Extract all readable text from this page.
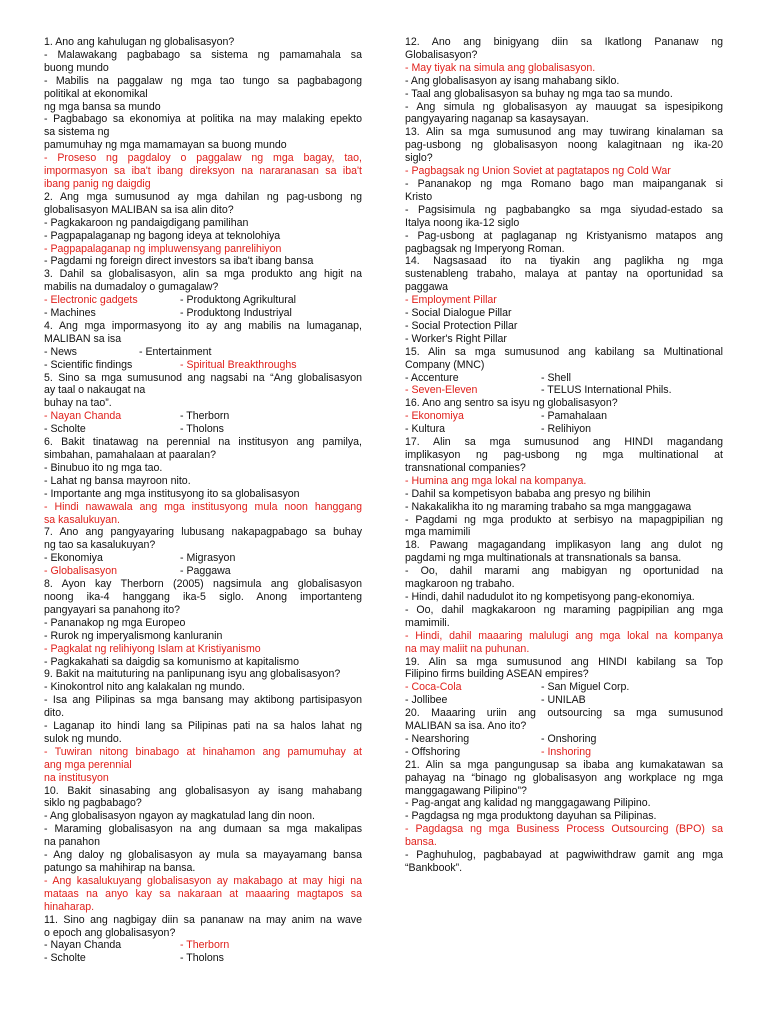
1. Ano ang kahulugan ng globalisasyon?
- Malawakang pagbabago sa sistema ng pamamahala sa
buong mundo
- Mabilis na paggalaw ng mga tao tungo sa pagbabagong
politikal at ekonomikal
ng mga bansa sa mundo
- Pagbabago sa ekonomiya at politika na may malaking epekto
sa sistema ng
pamumuhay ng mga mamamayan sa buong mundo
- Proseso ng pagdaloy o paggalaw ng mga bagay, tao,
impormasyon sa iba't ibang direksyon na nararanasan sa iba't
ibang panig ng daigdig
2. Ang mga sumusunod ay mga dahilan ng pag-usbong ng
globalisasyon MALIBAN sa isa alin dito?
- Pagkakaroon ng pandaigdigang pamilihan
- Pagpapalaganap ng bagong ideya at teknolohiya
- Pagpapalaganap ng impluwensyang panrelihiyon
- Pagdami ng foreign direct investors sa iba't ibang bansa
3. Dahil sa globalisasyon, alin sa mga produkto ang higit na
mabilis na dumadaloy o gumagalaw?
- Electronic gadgets	- Produktong Agrikultural
- Machines	- Produktong Industriyal
4. Ang mga impormasyong ito ay ang mabilis na lumaganap,
MALIBAN sa isa
- News	- Entertainment
- Scientific findings	- Spiritual Breakthroughs
5. Sino sa mga sumusunod ang nagsabi na “Ang globalisasyon
ay taal o nakaugat na
buhay na tao”.
- Nayan Chanda	- Therborn
- Scholte	- Tholons
6. Bakit tinatawag na perennial na institusyon ang pamilya,
simbahan, pamahalaan at paaralan?
- Binubuo ito ng mga tao.
- Lahat ng bansa mayroon nito.
- Importante ang mga institusyong ito sa globalisasyon
- Hindi nawawala ang mga institusyong mula noon hanggang
sa kasalukuyan.
7. Ano ang pangyayaring lubusang nakapagpabago sa buhay
ng tao sa kasalukuyan?
- Ekonomiya	- Migrasyon
- Globalisasyon	- Paggawa
8. Ayon kay Therborn (2005) nagsimula ang globalisasyon
noong ika-4 hanggang ika-5 siglo. Anong importanteng
pangyayari sa panahong ito?
- Pananakop ng mga Europeo
- Rurok ng imperyalismong kanluranin
- Pagkalat ng relihiyong Islam at Kristiyanismo
- Pagkakahati sa daigdig sa komunismo at kapitalismo
9. Bakit na maituturing na panlipunang isyu ang globalisasyon?
- Kinokontrol nito ang kalakalan ng mundo.
- Isa ang Pilipinas sa mga bansang may aktibong partisipasyon
dito.
- Laganap ito hindi lang sa Pilipinas pati na sa halos lahat ng
sulok ng mundo.
- Tuwiran nitong binabago at hinahamon ang pamumuhay at
ang mga perennial
na institusyon
10. Bakit sinasabing ang globalisasyon ay isang mahabang
siklo ng pagbabago?
- Ang globalisasyon ngayon ay magkatulad lang din noon.
- Maraming globalisasyon na ang dumaan sa mga makalipas
na panahon
- Ang daloy ng globalisasyon ay mula sa mayayamang bansa
patungo sa mahihirap na bansa.
- Ang kasalukuyang globalisasyon ay makabago at may higi na
mataas na anyo kay sa nakaraan at maaaring magtapos sa
hinaharap.
11. Sino ang nagbigay diin sa pananaw na may anim na wave
o epoch ang globalisasyon?
- Nayan Chanda	- Therborn
- Scholte	- Tholons
12. Ano ang binigyang diin sa Ikatlong Pananaw ng
Globalisasyon?
- May tiyak na simula ang globalisasyon.
- Ang globalisasyon ay isang mahabang siklo.
- Taal ang globalisasyon sa buhay ng mga tao sa mundo.
- Ang simula ng globalisasyon ay mauugat sa ispesipikong
pangyayaring naganap sa kasaysayan.
13. Alin sa mga sumusunod ang may tuwirang kinalaman sa
pag-usbong ng globalisasyon noong kalagitnaan ng ika-20
siglo?
- Pagbagsak ng Union Soviet at pagtatapos ng Cold War
- Pananakop ng mga Romano bago man maipanganak si
Kristo
- Pagsisimula ng pagbabangko sa mga siyudad-estado sa
Italya noong ika-12 siglo
- Pag-usbong at paglaganap ng Kristyanismo matapos ang
pagbagsak ng Imperyong Roman.
14. Nagsasaad ito na tiyakin ang paglikha ng mga
sustenableng trabaho, malaya at pantay na oportunidad sa
paggawa
- Employment Pillar
- Social Dialogue Pillar
- Social Protection Pillar
- Worker's Right Pillar
15. Alin sa mga sumusunod ang kabilang sa Multinational
Company (MNC)
- Accenture	- Shell
- Seven-Eleven	- TELUS International Phils.
16. Ano ang sentro sa isyu ng globalisasyon?
- Ekonomiya	- Pamahalaan
- Kultura	- Relihiyon
17. Alin sa mga sumusunod ang HINDI magandang
implikasyon ng pag-usbong ng mga multinational at
transnational companies?
- Humina ang mga lokal na kompanya.
- Dahil sa kompetisyon bababa ang presyo ng bilihin
- Nakakalikha ito ng maraming trabaho sa mga manggagawa
- Pagdami ng mga produkto at serbisyo na mapagpipilian ng
mga mamimili
18. Pawang magagandang implikasyon lang ang dulot ng
pagdami ng mga multinationals at transnationals sa bansa.
- Oo, dahil marami ang mabigyan ng oportunidad na
magkaroon ng trabaho.
- Hindi, dahil nadudulot ito ng kompetisyong pang-ekonomiya.
- Oo, dahil magkakaroon ng maraming pagpipilian ang mga
mamimili.
- Hindi, dahil maaaring malulugi ang mga lokal na kompanya
na may maliit na puhunan.
19. Alin sa mga sumusunod ang HINDI kabilang sa Top
Filipino firms building ASEAN empires?
- Coca-Cola	- San Miguel Corp.
- Jollibee	- UNILAB
20. Maaaring uriin ang outsourcing sa mga sumusunod
MALIBAN sa isa. Ano ito?
- Nearshoring	- Onshoring
- Offshoring	- Inshoring
21. Alin sa mga pangungusap sa ibaba ang kumakatawan sa
pahayag na “binago ng globalisasyon ang workplace ng mga
manggagawang Pilipino”?
- Pag-angat ang kalidad ng manggagawang Pilipino.
- Pagdagsa ng mga produktong dayuhan sa Pilipinas.
- Pagdagsa ng mga Business Process Outsourcing (BPO) sa
bansa.
- Paghuhulog, pagbabayad at pagwiwithdraw gamit ang mga
“Bankbook”.
